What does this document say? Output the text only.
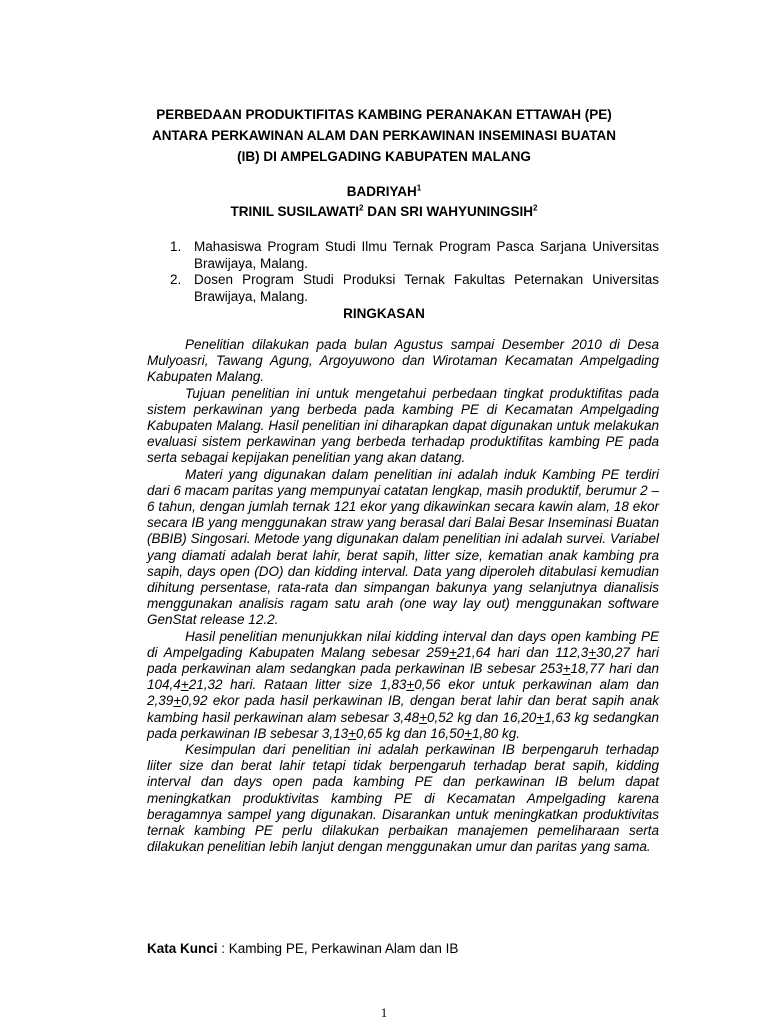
PERBEDAAN PRODUKTIFITAS KAMBING PERANAKAN ETTAWAH (PE)
ANTARA PERKAWINAN ALAM DAN PERKAWINAN INSEMINASI BUATAN
(IB) DI AMPELGADING KABUPATEN MALANG
BADRIYAH$^1$
TRINIL SUSILAWATI$^2$ DAN SRI WAHYUNINGSIH$^2$
1. Mahasiswa Program Studi Ilmu Ternak Program Pasca Sarjana Universitas Brawijaya, Malang.
2. Dosen Program Studi Produksi Ternak Fakultas Peternakan Universitas Brawijaya, Malang.
RINGKASAN

Penelitian dilakukan pada bulan Agustus sampai Desember 2010 di Desa Mulyoasri, Tawang Agung, Argoyuwono dan Wirotaman Kecamatan Ampelgading Kabupaten Malang.

Tujuan penelitian ini untuk mengetahui perbedaan tingkat produktifitas pada sistem perkawinan yang berbeda pada kambing PE di Kecamatan Ampelgading Kabupaten Malang. Hasil penelitian ini diharapkan dapat digunakan untuk melakukan evaluasi sistem perkawinan yang berbeda terhadap produktifitas kambing PE pada serta sebagai kepijakan penelitian yang akan datang.

Materi yang digunakan dalam penelitian ini adalah induk Kambing PE terdiri dari 6 macam paritas yang mempunyai catatan lengkap, masih produktif, berumur 2 – 6 tahun, dengan jumlah ternak 121 ekor yang dikawinkan secara kawin alam, 18 ekor secara IB yang menggunakan straw yang berasal dari Balai Besar Inseminasi Buatan (BBIB) Singosari. Metode yang digunakan dalam penelitian ini adalah survei. Variabel yang diamati adalah berat lahir, berat sapih, litter size, kematian anak kambing pra sapih, days open (DO) dan kidding interval. Data yang diperoleh ditabulasi kemudian dihitung persentase, rata-rata dan simpangan bakunya yang selanjutnya dianalisis menggunakan analisis ragam satu arah (one way lay out) menggunakan software GenStat release 12.2.

Hasil penelitian menunjukkan nilai kidding interval dan days open kambing PE di Ampelgading Kabupaten Malang sebesar 259+21,64 hari dan 112,3+30,27 hari pada perkawinan alam sedangkan pada perkawinan IB sebesar 253+18,77 hari dan 104,4+21,32 hari. Rataan litter size 1,83+0,56 ekor untuk perkawinan alam dan 2,39+0,92 ekor pada hasil perkawinan IB, dengan berat lahir dan berat sapih anak kambing hasil perkawinan alam sebesar 3,48+0,52 kg dan 16,20+1,63 kg sedangkan pada perkawinan IB sebesar 3,13+0,65 kg dan 16,50+1,80 kg.

Kesimpulan dari penelitian ini adalah perkawinan IB berpengaruh terhadap liiter size dan berat lahir tetapi tidak berpengaruh terhadap berat sapih, kidding interval dan days open pada kambing PE dan perkawinan IB belum dapat meningkatkan produktivitas kambing PE di Kecamatan Ampelgading karena beragamnya sampel yang digunakan. Disarankan untuk meningkatkan produktivitas ternak kambing PE perlu dilakukan perbaikan manajemen pemeliharaan serta dilakukan penelitian lebih lanjut dengan menggunakan umur dan paritas yang sama.

Kata Kunci : Kambing PE, Perkawinan Alam dan IB
1
